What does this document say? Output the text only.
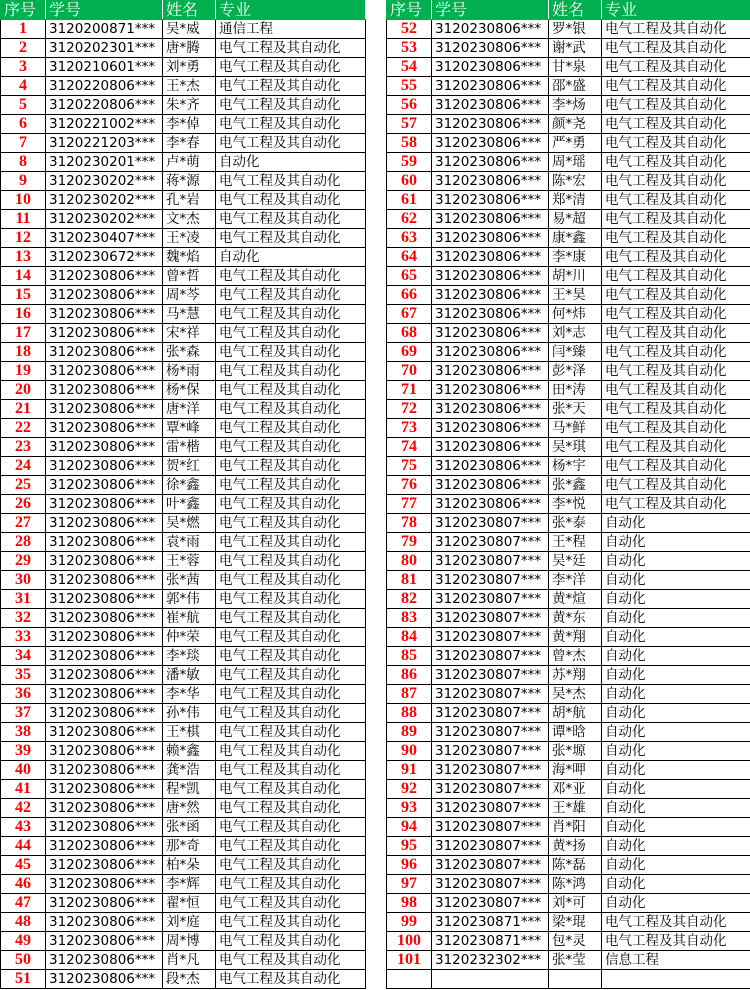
序号	学号	姓名	专业
1	3120200871***	吴*威	通信工程
2	3120202301***	唐*腾	电气工程及其自动化
3	3120210601***	刘*勇	电气工程及其自动化
4	3120220806***	王*杰	电气工程及其自动化
5	3120220806***	朱*齐	电气工程及其自动化
6	3120221002***	李*倬	电气工程及其自动化
7	3120221203***	李*春	电气工程及其自动化
8	3120230201***	卢*萌	自动化
9	3120230202***	蒋*源	电气工程及其自动化
10	3120230202***	孔*岩	电气工程及其自动化
11	3120230202***	文*杰	电气工程及其自动化
12	3120230407***	王*凌	电气工程及其自动化
13	3120230672***	魏*焰	自动化
14	3120230806***	曾*哲	电气工程及其自动化
15	3120230806***	周*芩	电气工程及其自动化
16	3120230806***	马*慧	电气工程及其自动化
17	3120230806***	宋*祥	电气工程及其自动化
18	3120230806***	张*森	电气工程及其自动化
19	3120230806***	杨*雨	电气工程及其自动化
20	3120230806***	杨*保	电气工程及其自动化
21	3120230806***	唐*洋	电气工程及其自动化
22	3120230806***	覃*峰	电气工程及其自动化
23	3120230806***	雷*楷	电气工程及其自动化
24	3120230806***	贺*红	电气工程及其自动化
25	3120230806***	徐*鑫	电气工程及其自动化
26	3120230806***	叶*鑫	电气工程及其自动化
27	3120230806***	吴*燃	电气工程及其自动化
28	3120230806***	袁*雨	电气工程及其自动化
29	3120230806***	王*蓉	电气工程及其自动化
30	3120230806***	张*茜	电气工程及其自动化
31	3120230806***	郭*伟	电气工程及其自动化
32	3120230806***	崔*航	电气工程及其自动化
33	3120230806***	仲*荣	电气工程及其自动化
34	3120230806***	李*琰	电气工程及其自动化
35	3120230806***	潘*敏	电气工程及其自动化
36	3120230806***	李*华	电气工程及其自动化
37	3120230806***	孙*伟	电气工程及其自动化
38	3120230806***	王*棋	电气工程及其自动化
39	3120230806***	赖*鑫	电气工程及其自动化
40	3120230806***	龚*浩	电气工程及其自动化
41	3120230806***	程*凯	电气工程及其自动化
42	3120230806***	唐*然	电气工程及其自动化
43	3120230806***	张*函	电气工程及其自动化
44	3120230806***	那*奇	电气工程及其自动化
45	3120230806***	柏*朵	电气工程及其自动化
46	3120230806***	李*辉	电气工程及其自动化
47	3120230806***	翟*恒	电气工程及其自动化
48	3120230806***	刘*庭	电气工程及其自动化
49	3120230806***	周*博	电气工程及其自动化
50	3120230806***	肖*凡	电气工程及其自动化
51	3120230806***	段*杰	电气工程及其自动化
序号	学号	姓名	专业
52	3120230806***	罗*银	电气工程及其自动化
53	3120230806***	谢*武	电气工程及其自动化
54	3120230806***	甘*泉	电气工程及其自动化
55	3120230806***	邵*盛	电气工程及其自动化
56	3120230806***	李*炀	电气工程及其自动化
57	3120230806***	颜*尧	电气工程及其自动化
58	3120230806***	严*勇	电气工程及其自动化
59	3120230806***	周*瑶	电气工程及其自动化
60	3120230806***	陈*宏	电气工程及其自动化
61	3120230806***	郑*清	电气工程及其自动化
62	3120230806***	易*超	电气工程及其自动化
63	3120230806***	康*鑫	电气工程及其自动化
64	3120230806***	李*康	电气工程及其自动化
65	3120230806***	胡*川	电气工程及其自动化
66	3120230806***	王*昊	电气工程及其自动化
67	3120230806***	何*炜	电气工程及其自动化
68	3120230806***	刘*志	电气工程及其自动化
69	3120230806***	闫*臻	电气工程及其自动化
70	3120230806***	彭*泽	电气工程及其自动化
71	3120230806***	田*涛	电气工程及其自动化
72	3120230806***	张*天	电气工程及其自动化
73	3120230806***	马*鲜	电气工程及其自动化
74	3120230806***	吴*琪	电气工程及其自动化
75	3120230806***	杨*宇	电气工程及其自动化
76	3120230806***	张*鑫	电气工程及其自动化
77	3120230806***	李*悦	电气工程及其自动化
78	3120230807***	张*泰	自动化
79	3120230807***	王*程	自动化
80	3120230807***	吴*廷	自动化
81	3120230807***	李*洋	自动化
82	3120230807***	黄*煊	自动化
83	3120230807***	黄*东	自动化
84	3120230807***	黄*翔	自动化
85	3120230807***	曾*杰	自动化
86	3120230807***	苏*翔	自动化
87	3120230807***	吴*杰	自动化
88	3120230807***	胡*航	自动化
89	3120230807***	谭*晗	自动化
90	3120230807***	张*塬	自动化
91	3120230807***	海*呷	自动化
92	3120230807***	邓*亚	自动化
93	3120230807***	王*雄	自动化
94	3120230807***	肖*阳	自动化
95	3120230807***	黄*扬	自动化
96	3120230807***	陈*磊	自动化
97	3120230807***	陈*鸿	自动化
98	3120230807***	刘*可	自动化
99	3120230871***	梁*琨	电气工程及其自动化
100	3120230871***	包*灵	电气工程及其自动化
101	3120232302***	张*莹	信息工程
